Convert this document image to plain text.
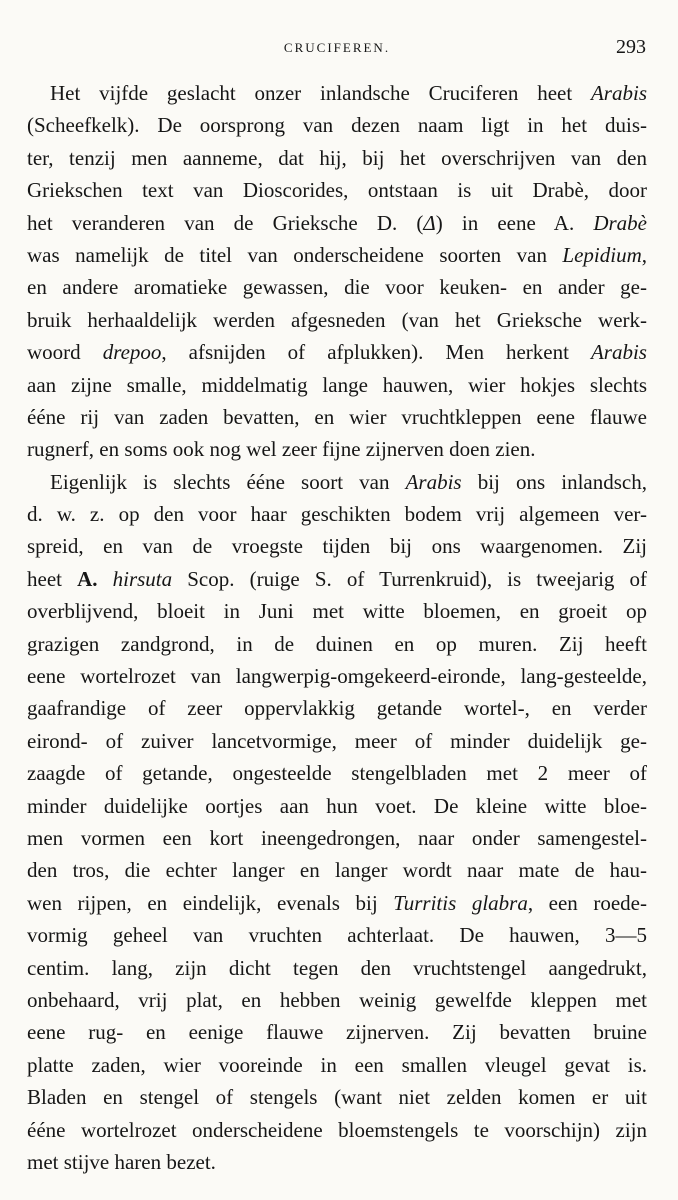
CRUCIFEREN.	293
Het vijfde geslacht onzer inlandsche Cruciferen heet Arabis
(Scheefkelk). De oorsprong van dezen naam ligt in het duis-
ter, tenzij men aanneme, dat hij, bij het overschrijven van den
Griekschen text van Dioscorides, ontstaan is uit Drabè, door
het veranderen van de Grieksche D. (Δ) in eene A. Drabè
was namelijk de titel van onderscheidene soorten van Lepidium,
en andere aromatieke gewassen, die voor keuken- en ander ge-
bruik herhaaldelijk werden afgesneden (van het Grieksche werk-
woord drepoo, afsnijden of afplukken). Men herkent Arabis
aan zijne smalle, middelmatig lange hauwen, wier hokjes slechts
ééne rij van zaden bevatten, en wier vruchtkleppen eene flauwe
rugnerf, en soms ook nog wel zeer fijne zijnerven doen zien.
Eigenlijk is slechts ééne soort van Arabis bij ons inlandsch,
d. w. z. op den voor haar geschikten bodem vrij algemeen ver-
spreid, en van de vroegste tijden bij ons waargenomen. Zij
heet A. hirsuta Scop. (ruige S. of Turrenkruid), is tweejarig of
overblijvend, bloeit in Juni met witte bloemen, en groeit op
grazigen zandgrond, in de duinen en op muren. Zij heeft
eene wortelrozet van langwerpig-omgekeerd-eironde, lang-gesteelde,
gaafrandige of zeer oppervlakkig getande wortel-, en verder
eirond- of zuiver lancetvormige, meer of minder duidelijk ge-
zaagde of getande, ongesteelde stengelbladen met 2 meer of
minder duidelijke oortjes aan hun voet. De kleine witte bloe-
men vormen een kort ineengedrongen, naar onder samengestel-
den tros, die echter langer en langer wordt naar mate de hau-
wen rijpen, en eindelijk, evenals bij Turritis glabra, een roede-
vormig geheel van vruchten achterlaat. De hauwen, 3—5
centim. lang, zijn dicht tegen den vruchtstengel aangedrukt,
onbehaard, vrij plat, en hebben weinig gewelfde kleppen met
eene rug- en eenige flauwe zijnerven. Zij bevatten bruine
platte zaden, wier vooreinde in een smallen vleugel gevat is.
Bladen en stengel of stengels (want niet zelden komen er uit
ééne wortelrozet onderscheidene bloemstengels te voorschijn) zijn
met stijve haren bezet.
